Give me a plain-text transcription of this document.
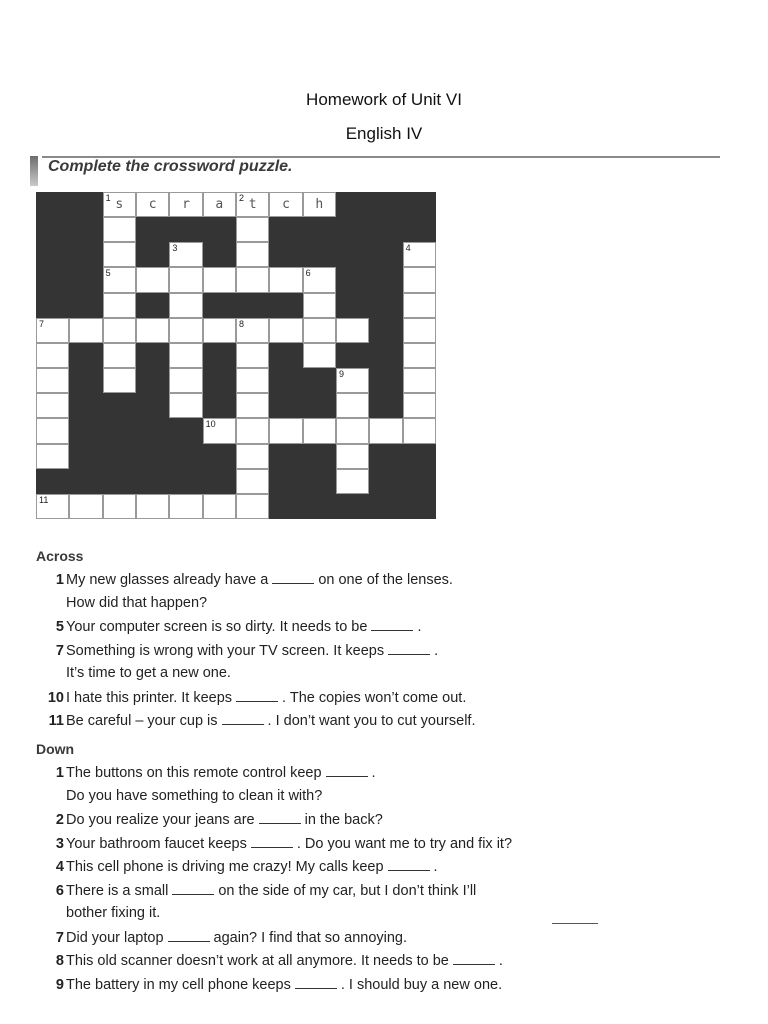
Homework of Unit VI
English IV
Complete the crossword puzzle.
1 s	c	r	a	2 t	c	h
3	4
5	6
7	8
9
10
11
Across
1 My new glasses already have a	on one of the lenses.
How did that happen?
5 Your computer screen is so dirty. It needs to be	.
7 Something is wrong with your TV screen. It keeps	.
It’s time to get a new one.
10 I hate this printer. It keeps	. The copies won’t come out.
11 Be careful – your cup is	. I don’t want you to cut yourself.
Down
1 The buttons on this remote control keep	.
Do you have something to clean it with?
2 Do you realize your jeans are	in the back?
3 Your bathroom faucet keeps	. Do you want me to try and fix it?
4 This cell phone is driving me crazy! My calls keep	.
6 There is a small	on the side of my car, but I don’t think I’ll
bother fixing it.
7 Did your laptop	again? I find that so annoying.
8 This old scanner doesn’t work at all anymore. It needs to be	.
9 The battery in my cell phone keeps	. I should buy a new one.
